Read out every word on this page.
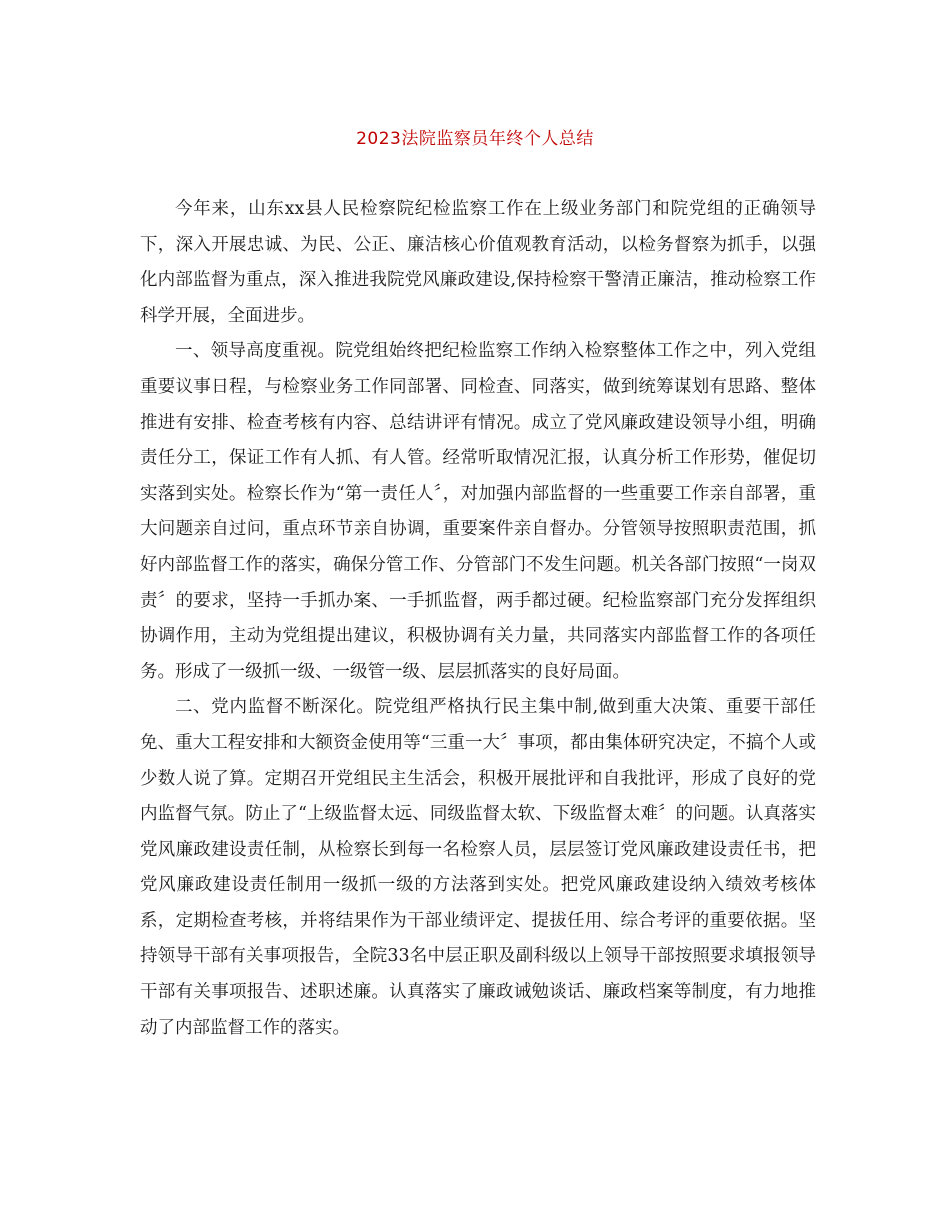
2023法院监察员年终个人总结

今年来，山东xx县人民检察院纪检监察工作在上级业务部门和院党组的正确领导下，深入开展忠诚、为民、公正、廉洁核心价值观教育活动，以检务督察为抓手，以强化内部监督为重点，深入推进我院党风廉政建设,保持检察干警清正廉洁，推动检察工作科学开展，全面进步。

一、领导高度重视。院党组始终把纪检监察工作纳入检察整体工作之中，列入党组重要议事日程，与检察业务工作同部署、同检查、同落实，做到统筹谋划有思路、整体推进有安排、检查考核有内容、总结讲评有情况。成立了党风廉政建设领导小组，明确责任分工，保证工作有人抓、有人管。经常听取情况汇报，认真分析工作形势，催促切实落到实处。检察长作为“第一责任人〞，对加强内部监督的一些重要工作亲自部署，重大问题亲自过问，重点环节亲自协调，重要案件亲自督办。分管领导按照职责范围，抓好内部监督工作的落实，确保分管工作、分管部门不发生问题。机关各部门按照“一岗双责〞的要求，坚持一手抓办案、一手抓监督，两手都过硬。纪检监察部门充分发挥组织协调作用，主动为党组提出建议，积极协调有关力量，共同落实内部监督工作的各项任务。形成了一级抓一级、一级管一级、层层抓落实的良好局面。

二、党内监督不断深化。院党组严格执行民主集中制,做到重大决策、重要干部任免、重大工程安排和大额资金使用等“三重一大〞事项，都由集体研究决定，不搞个人或少数人说了算。定期召开党组民主生活会，积极开展批评和自我批评，形成了良好的党内监督气氛。防止了“上级监督太远、同级监督太软、下级监督太难〞的问题。认真落实党风廉政建设责任制，从检察长到每一名检察人员，层层签订党风廉政建设责任书，把党风廉政建设责任制用一级抓一级的方法落到实处。把党风廉政建设纳入绩效考核体系，定期检查考核，并将结果作为干部业绩评定、提拔任用、综合考评的重要依据。坚持领导干部有关事项报告，全院33名中层正职及副科级以上领导干部按照要求填报领导干部有关事项报告、述职述廉。认真落实了廉政诫勉谈话、廉政档案等制度，有力地推动了内部监督工作的落实。
